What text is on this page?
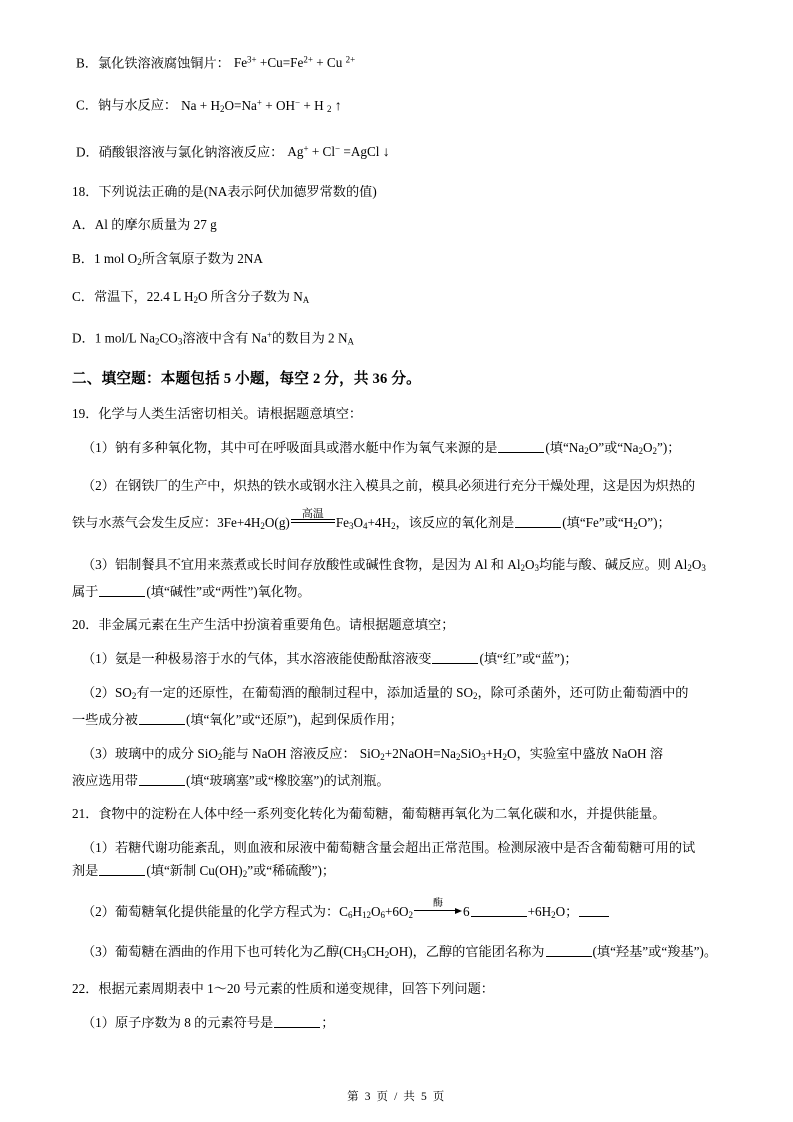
B．氯化铁溶液腐蚀铜片： $Fe^{3+} +Cu=Fe^{2+} + Cu$ $^{2+}$

C．钠与水反应： $Na + H_2O=Na^+ + OH^- + H$ $_2$ ↑

D．硝酸银溶液与氯化钠溶液反应： Ag+ + Cl− =AgCl ↓

18．下列说法正确的是(NA表示阿伏加德罗常数的值)

A．Al 的摩尔质量为 27 g

B．1 mol $O_2$所含氧原子数为 2NA

C．常温下，22.4 L $H_2O$ 所含分子数为 $N_A$

D．1 mol/L $Na_2CO_3$溶液中含有 Na+的数目为 2 $N_A$

二、填空题：本题包括 5 小题，每空 2 分，共 36 分。

19．化学与人类生活密切相关。请根据题意填空：

（1）钠有多种氧化物，其中可在呼吸面具或潜水艇中作为氧气来源的是	(填“$Na_2O$”或“$Na_2O_2$”)；

（2）在钢铁厂的生产中，炽热的铁水或钢水注入模具之前，模具必须进行充分干燥处理，这是因为炽热的

铁与水蒸气会发生反应：$3Fe+4H_2O(g)$
高温
$Fe_3O_4+4H_2$，该反应的氧化剂是	(填“Fe”或“$H_2O$”)；

（3）铝制餐具不宜用来蒸煮或长时间存放酸性或碱性食物，是因为 Al 和 $Al_2O_3$均能与酸、碱反应。则 $Al_2O_3$

属于	(填“碱性”或“两性”)氧化物。

20．非金属元素在生产生活中扮演着重要角色。请根据题意填空；

（1）氨是一种极易溶于水的气体，其水溶液能使酚酞溶液变	(填“红”或“蓝”)；

$(2)SO_2$有一定的还原性，在葡萄酒的酿制过程中，添加适量的 $SO_2$，除可杀菌外，还可防止葡萄酒中的

一些成分被	(填“氧化”或“还原”)，起到保质作用；

（3）玻璃中的成分 SiO$_2$能与 NaOH 溶液反应： $SiO_2+2NaOH=Na_2SiO_3+H_2O$，实验室中盛放 NaOH 溶

液应选用带	(填“玻璃塞”或“橡胶塞”)的试剂瓶。

21．食物中的淀粉在人体中经一系列变化转化为葡萄糖，葡萄糖再氧化为二氧化碳和水，并提供能量。

（1）若糖代谢功能紊乱，则血液和尿液中葡萄糖含量会超出正常范围。检测尿液中是否含葡萄糖可用的试

剂是	(填“新制 $Cu(OH)_2$”或“稀硫酸”)；

（2）葡萄糖氧化提供能量的化学方程式为：$C_6H_{12}O_6+6O_2$
酶
6	$+6H_2O$；

（3）葡萄糖在酒曲的作用下也可转化为乙醇$(CH_3CH_2OH)$，乙醇的官能团名称为	(填“羟基”或“羧基”)。

22．根据元素周期表中 1～20 号元素的性质和递变规律，回答下列问题：

（1）原子序数为 8 的元素符号是	；

第 3 页 / 共 5 页
